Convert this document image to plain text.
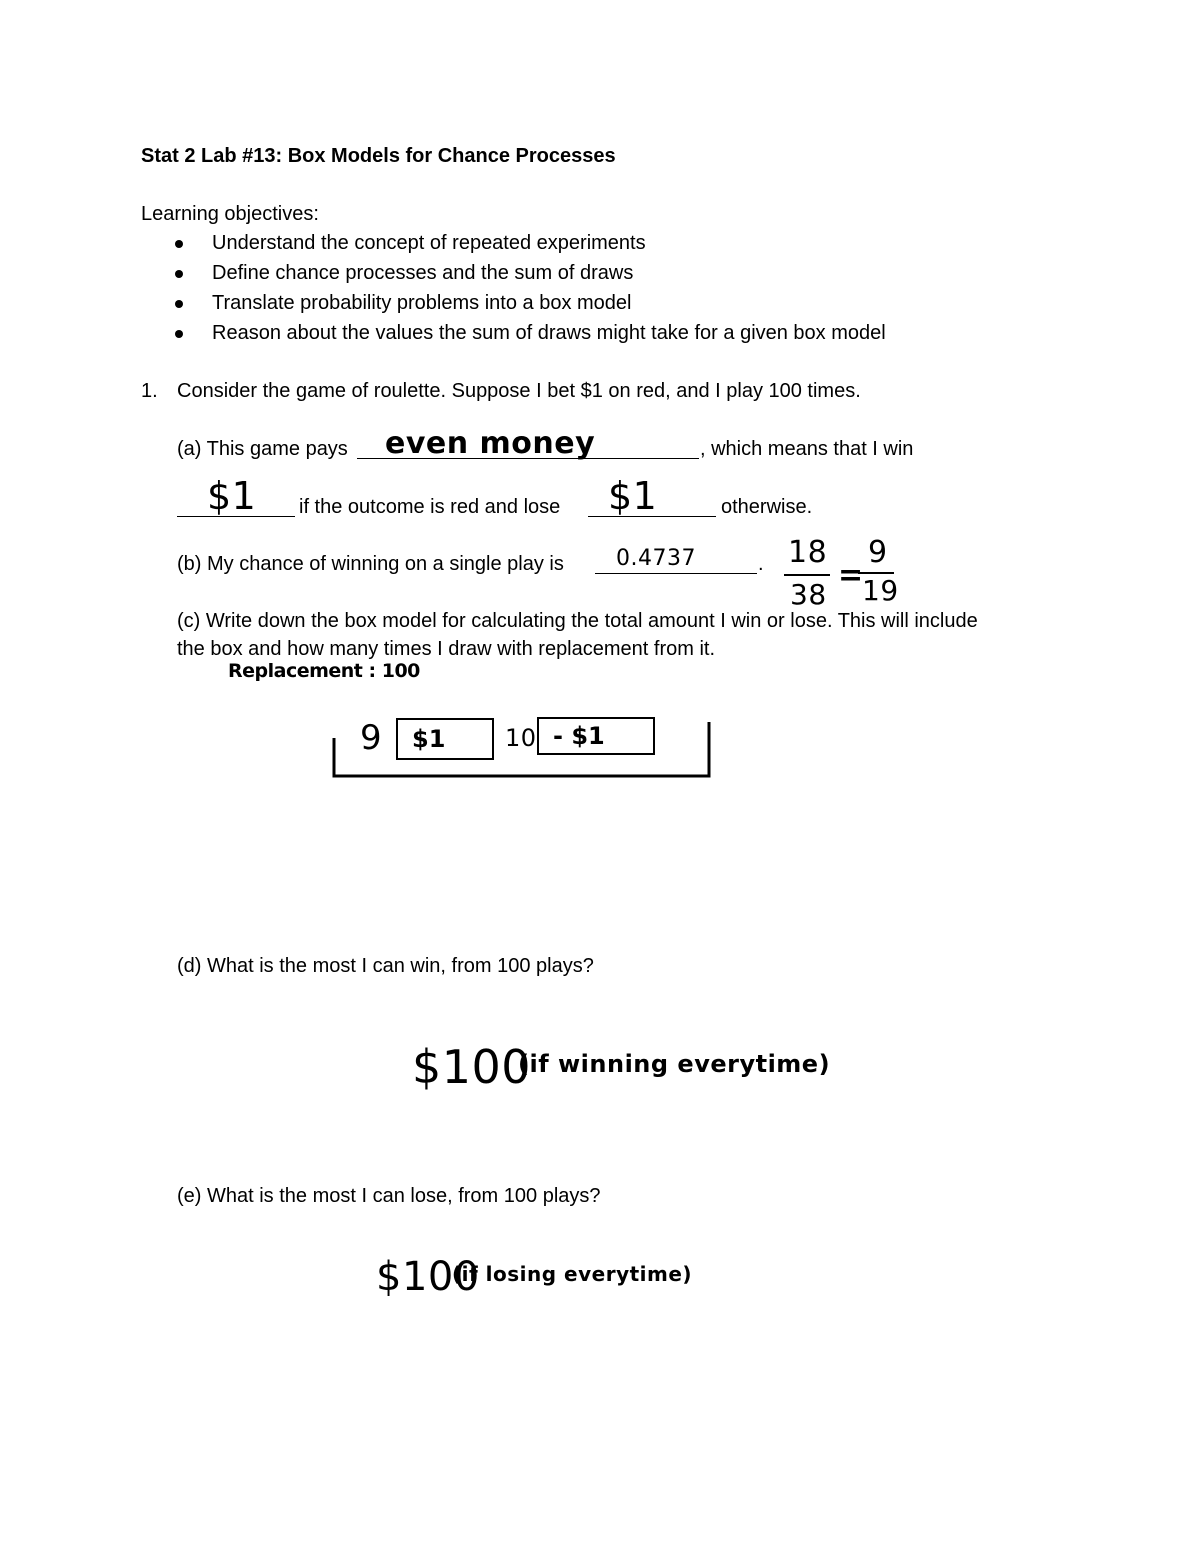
Stat 2 Lab #13: Box Models for Chance Processes
Learning objectives:
Understand the concept of repeated experiments
Define chance processes and the sum of draws
Translate probability problems into a box model
Reason about the values the sum of draws might take for a given box model
1. Consider the game of roulette. Suppose I bet $1 on red, and I play 100 times.
(a) This game pays even money	, which means that I win
$1 if the outcome is red and lose $1	otherwise.
(b) My chance of winning on a single play is 0.4737	. 18
38
=
9
19
(c) Write down the box model for calculating the total amount I win or lose. This will include
the box and how many times I draw with replacement from it.
Replacement : 100
9 $1 10 - $1
(d) What is the most I can win, from 100 plays?
$100
(if winning everytime)
(e) What is the most I can lose, from 100 plays?
$100
(if losing everytime)
